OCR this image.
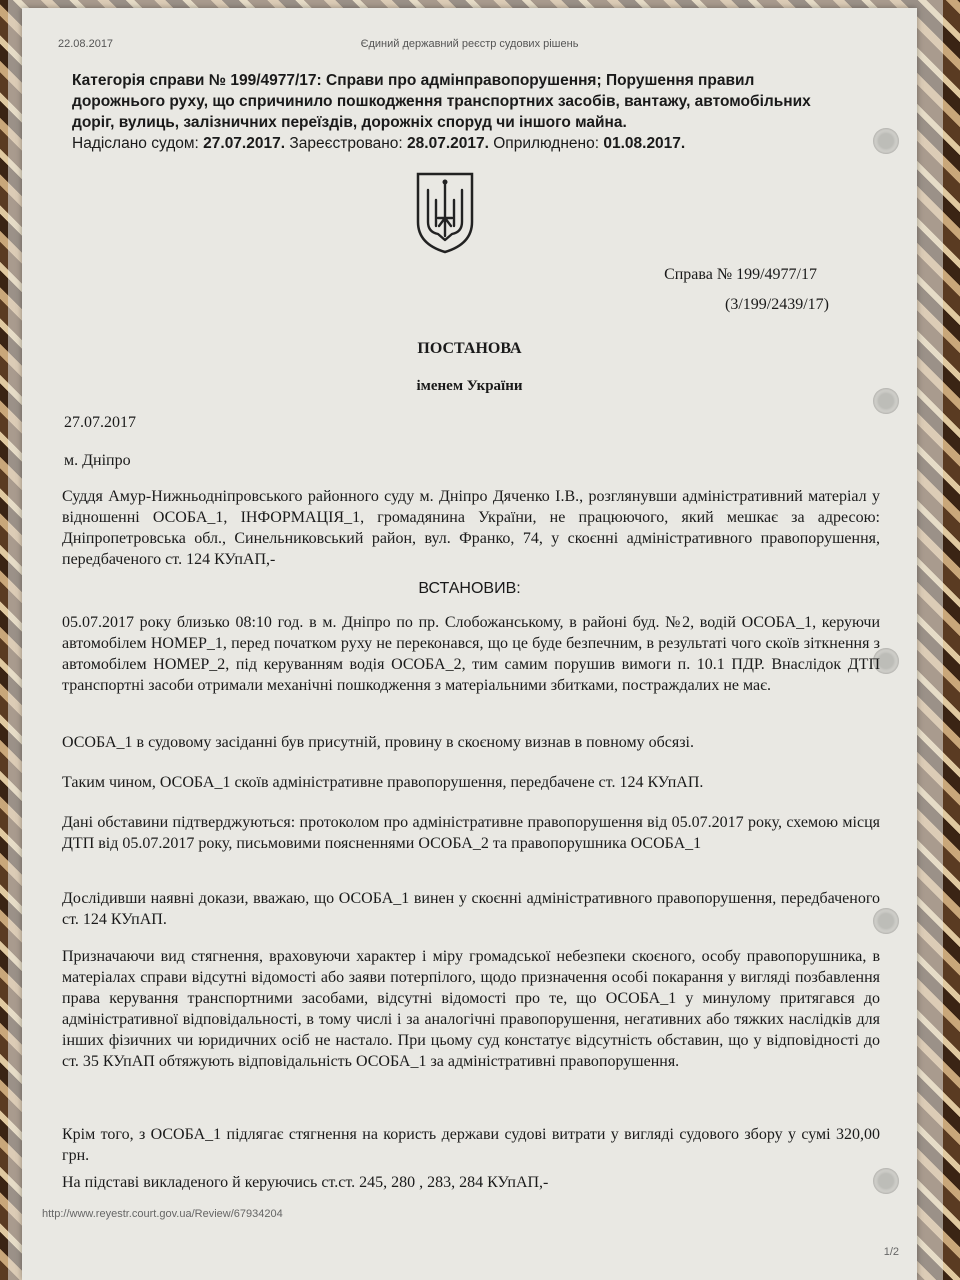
22.08.2017	Єдиний державний реєстр судових рішень
Категорія справи № 199/4977/17: Справи про адмінправопорушення; Порушення правил дорожнього руху, що спричинило пошкодження транспортних засобів, вантажу, автомобільних доріг, вулиць, залізничних переїздів, дорожніх споруд чи іншого майна.
Надіслано судом: 27.07.2017. Зареєстровано: 28.07.2017. Оприлюднено: 01.08.2017.
Справа № 199/4977/17
(3/199/2439/17)
ПОСТАНОВА
іменем України
27.07.2017
м. Дніпро

Суддя Амур-Нижньодніпровського районного суду м. Дніпро Дяченко І.В., розглянувши адміністративний матеріал у відношенні ОСОБА_1, ІНФОРМАЦІЯ_1, громадянина України, не працюючого, який мешкає за адресою: Дніпропетровська обл., Синельниковський район, вул. Франко, 74, у скоєнні адміністративного правопорушення, передбаченого ст. 124 КУпАП,-

ВСТАНОВИВ:

05.07.2017 року близько 08:10 год. в м. Дніпро по пр. Слобожанському, в районі буд. №2, водій ОСОБА_1, керуючи автомобілем НОМЕР_1, перед початком руху не переконався, що це буде безпечним, в результаті чого скоїв зіткнення з автомобілем НОМЕР_2, під керуванням водія ОСОБА_2, тим самим порушив вимоги п. 10.1 ПДР. Внаслідок ДТП транспортні засоби отримали механічні пошкодження з матеріальними збитками, постраждалих не має.

ОСОБА_1 в судовому засіданні був присутній, провину в скоєному визнав в повному обсязі.

Таким чином, ОСОБА_1 скоїв адміністративне правопорушення, передбачене ст. 124 КУпАП.

Дані обставини підтверджуються: протоколом про адміністративне правопорушення від 05.07.2017 року, схемою місця ДТП від 05.07.2017 року, письмовими поясненнями ОСОБА_2 та правопорушника ОСОБА_1

Дослідивши наявні докази, вважаю, що ОСОБА_1 винен у скоєнні адміністративного правопорушення, передбаченого ст. 124 КУпАП.

Призначаючи вид стягнення, враховуючи характер і міру громадської небезпеки скоєного, особу правопорушника, в матеріалах справи відсутні відомості або заяви потерпілого, щодо призначення особі покарання у вигляді позбавлення права керування транспортними засобами, відсутні відомості про те, що ОСОБА_1 у минулому притягався до адміністративної відповідальності, в тому числі і за аналогічні правопорушення, негативних або тяжких наслідків для інших фізичних чи юридичних осіб не настало. При цьому суд констатує відсутність обставин, що у відповідності до ст. 35 КУпАП обтяжують відповідальність ОСОБА_1 за адміністративні правопорушення.

Крім того, з ОСОБА_1 підлягає стягнення на користь держави судові витрати у вигляді судового збору у сумі 320,00 грн.

На підставі викладеного й керуючись ст.ст. 245, 280 , 283, 284 КУпАП,-

http://www.reyestr.court.gov.ua/Review/67934204
1/2
